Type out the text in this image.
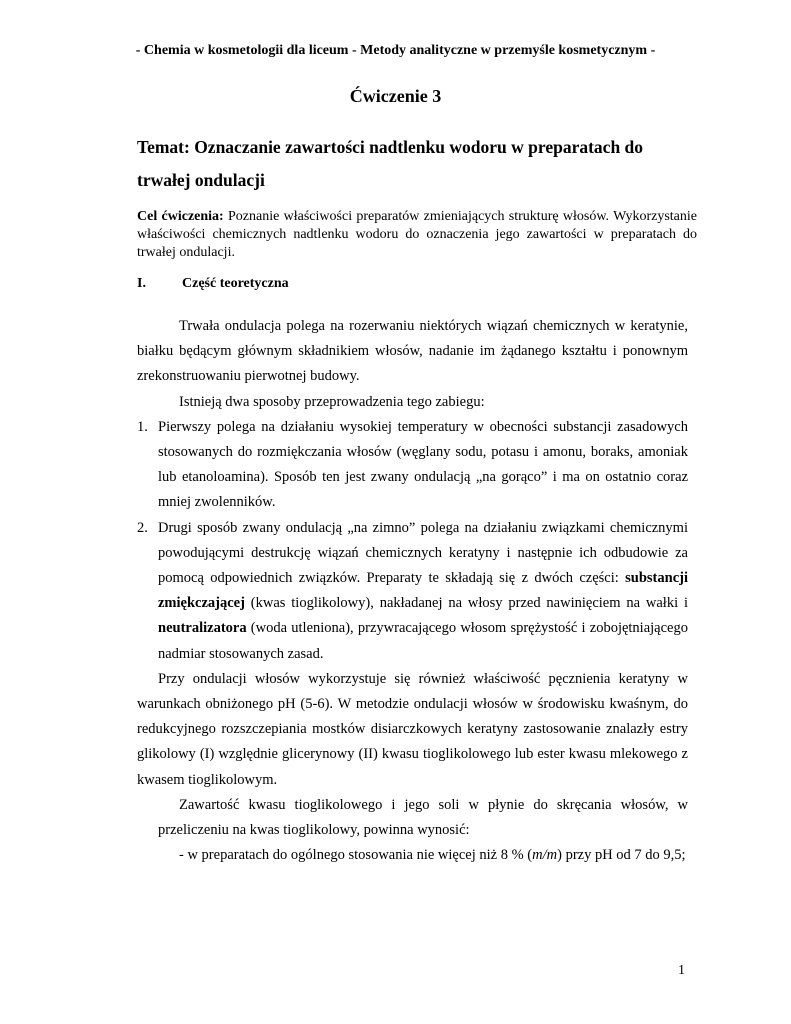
- Chemia w kosmetologii dla liceum - Metody analityczne w przemyśle kosmetycznym -
Ćwiczenie 3
Temat: Oznaczanie zawartości nadtlenku wodoru w preparatach do trwałej ondulacji
Cel ćwiczenia: Poznanie właściwości preparatów zmieniających strukturę włosów. Wykorzystanie właściwości chemicznych nadtlenku wodoru do oznaczenia jego zawartości w preparatach do trwałej ondulacji.
I.	Część teoretyczna

Trwała ondulacja polega na rozerwaniu niektórych wiązań chemicznych w keratynie, białku będącym głównym składnikiem włosów, nadanie im żądanego kształtu i ponownym zrekonstruowaniu pierwotnej budowy.

Istnieją dwa sposoby przeprowadzenia tego zabiegu:

1. Pierwszy polega na działaniu wysokiej temperatury w obecności substancji zasadowych stosowanych do rozmiękczania włosów (węglany sodu, potasu i amonu, boraks, amoniak lub etanoloamina). Sposób ten jest zwany ondulacją „na gorąco” i ma on ostatnio coraz mniej zwolenników.
2. Drugi sposób zwany ondulacją „na zimno” polega na działaniu związkami chemicznymi powodującymi destrukcję wiązań chemicznych keratyny i następnie ich odbudowie za pomocą odpowiednich związków. Preparaty te składają się z dwóch części: substancji zmiękczającej (kwas tioglikolowy), nakładanej na włosy przed nawinięciem na wałki i neutralizatora (woda utleniona), przywracającego włosom sprężystość i zobojętniającego nadmiar stosowanych zasad.

Przy ondulacji włosów wykorzystuje się również właściwość pęcznienia keratyny w warunkach obniżonego pH (5-6). W metodzie ondulacji włosów w środowisku kwaśnym, do redukcyjnego rozszczepiania mostków disiarczkowych keratyny zastosowanie znalazły estry glikolowy (I) względnie glicerynowy (II) kwasu tioglikolowego lub ester kwasu mlekowego z kwasem tioglikolowym.

Zawartość kwasu tioglikolowego i jego soli w płynie do skręcania włosów, w przeliczeniu na kwas tioglikolowy, powinna wynosić:

- w preparatach do ogólnego stosowania nie więcej niż 8 % (m/m) przy pH od 7 do 9,5;

1
